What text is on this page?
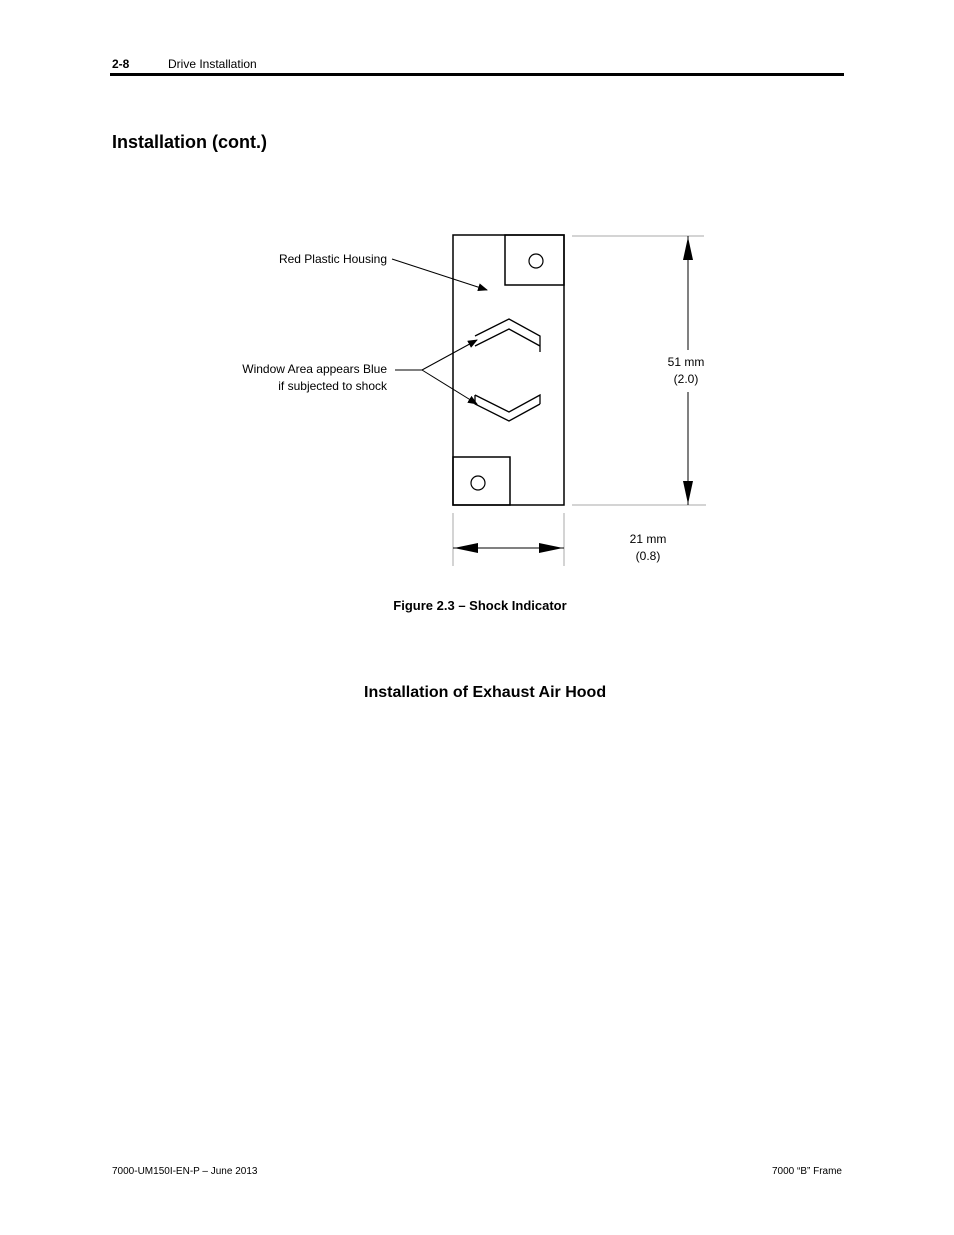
2-8	Drive Installation
Installation (cont.)
Red Plastic Housing
Window Area appears Blue
if subjected to shock
51 mm
(2.0)
21 mm
(0.8)
Figure 2.3 – Shock Indicator
Installation of Exhaust Air Hood
7000-UM150I-EN-P – June 2013	7000 “B” Frame
